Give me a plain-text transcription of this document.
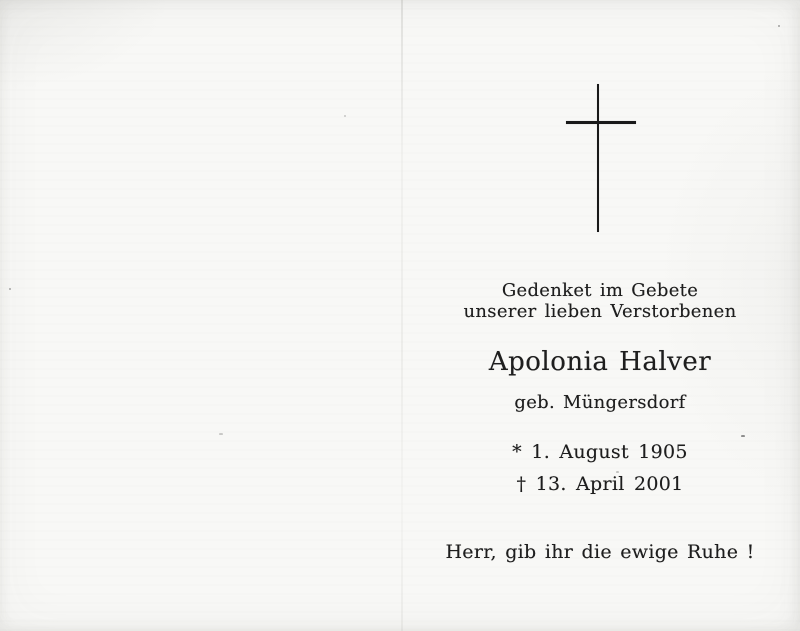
Gedenket im Gebete
unserer lieben Verstorbenen
Apolonia Halver
geb. Müngersdorf
* 1. August 1905
† 13. April 2001
Herr, gib ihr die ewige Ruhe !
